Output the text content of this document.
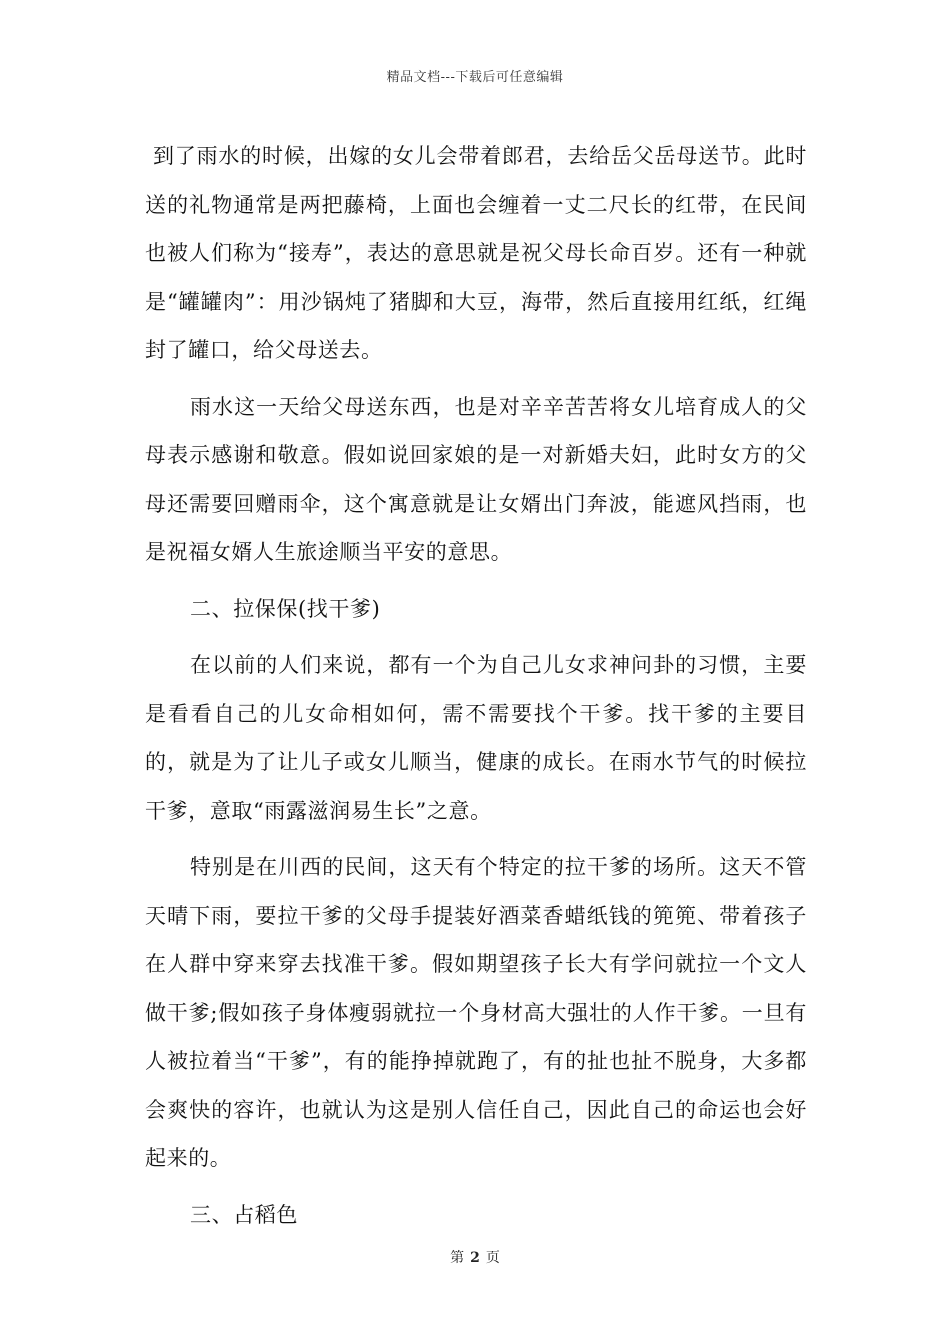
精品文档---下载后可任意编辑

到了雨水的时候，出嫁的女儿会带着郎君，去给岳父岳母送节。此时送的礼物通常是两把藤椅，上面也会缠着一丈二尺长的红带，在民间也被人们称为“接寿”，表达的意思就是祝父母长命百岁。还有一种就是“罐罐肉”：用沙锅炖了猪脚和大豆，海带，然后直接用红纸，红绳封了罐口，给父母送去。

雨水这一天给父母送东西，也是对辛辛苦苦将女儿培育成人的父母表示感谢和敬意。假如说回家娘的是一对新婚夫妇，此时女方的父母还需要回赠雨伞，这个寓意就是让女婿出门奔波，能遮风挡雨，也是祝福女婿人生旅途顺当平安的意思。

二、拉保保(找干爹)

在以前的人们来说，都有一个为自己儿女求神问卦的习惯，主要是看看自己的儿女命相如何，需不需要找个干爹。找干爹的主要目的，就是为了让儿子或女儿顺当，健康的成长。在雨水节气的时候拉干爹，意取“雨露滋润易生长”之意。

特别是在川西的民间，这天有个特定的拉干爹的场所。这天不管天晴下雨，要拉干爹的父母手提装好酒菜香蜡纸钱的篼篼、带着孩子在人群中穿来穿去找准干爹。假如期望孩子长大有学问就拉一个文人做干爹;假如孩子身体瘦弱就拉一个身材高大强壮的人作干爹。一旦有人被拉着当“干爹”，有的能挣掉就跑了，有的扯也扯不脱身，大多都会爽快的容许，也就认为这是别人信任自己，因此自己的命运也会好起来的。

三、占稻色

第 2 页
